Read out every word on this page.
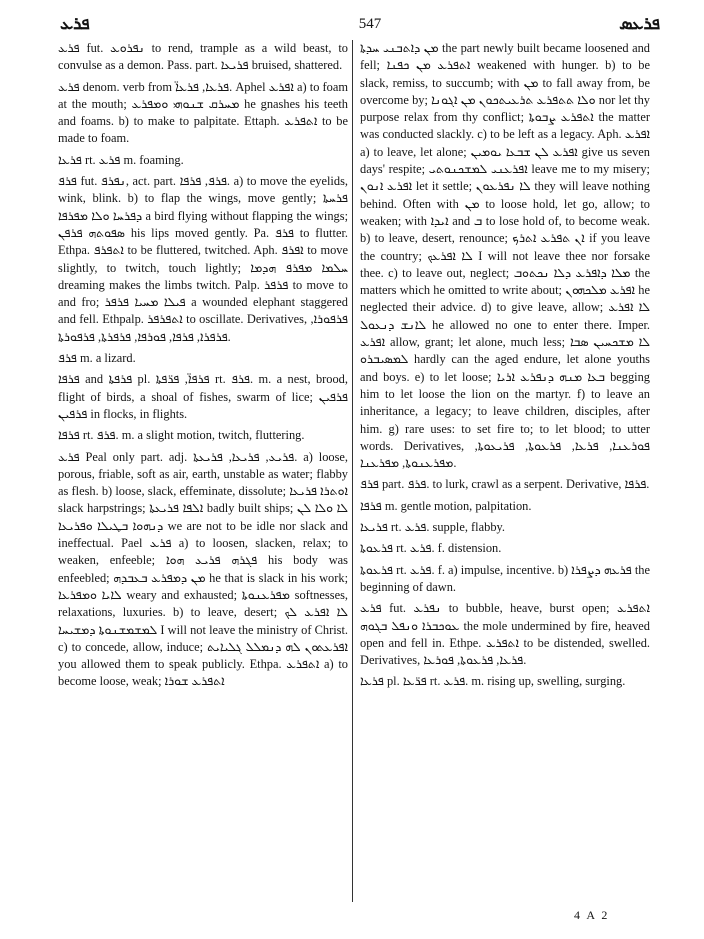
ܦܪܥ	547	ܦܪܥܣ

ܦܪܥ fut. ܢܦܪܘܥ to rend, trample as a wild beast, to convulse as a demon. Pass. part. ܦܪܝܥܐ bruised, shattered.

ܦܪܥ denom. verb from ܦܪܥܐ, ܦܪܥܐ̈. Aphel ܐܦܪܥ a) to foam at the mouth; ܡܚܪܩ ܫܢܘܗܝ ܘܡܦܪܥ he gnashes his teeth and foams. b) to make to palpitate. Ettaph. ܐܬܦܪܥ to be made to foam.

ܦܪܥܐ rt. ܦܪܥ m. foaming.

ܦܪܦ fut. ܢܦܪܦ, act. part. ܦܪܦ, ܦܪܦܐ. a) to move the eyelids, wink, blink. b) to flap the wings, move gently; ܦܪܚܬܐ ܕܦܪܚܐ ܘܠܐ ܡܦܪܦܐ a bird flying without flapping the wings; ܣܦܘܬܗ ܦܪܦܢ his lips moved gently. Pa. ܦܪܦ to flutter. Ethpa. ܐܬܦܪܦ to be fluttered, twitched. Aph. ܐܦܪܦ to move slightly, to twitch, touch lightly; ܚܠܡܐ ܡܦܪܦ ܗܕܡܐ dreaming makes the limbs twitch. Palp. ܦܪܦܪ to move to and fro; ܦܝܠܐ ܡܚܝܐ ܦܪܦܪ a wounded elephant staggered and fell. Ethpalp. ܐܬܦܪܦܪ to oscillate. Derivatives, ܦܪܦܘܪܐ, ܦܪܦܪܐ, ܦܪܦܐ, ܦܘܪܦܐ, ܦܪܦܪܬܐ, ܦܪܦܘܪܬܐ.

ܦܪܦ m. a lizard.

ܦܪܦܐ and ܦܪܦܬܐ pl. ܦܪܦܐ̈, ܦܪ̈ܦܬܐ rt. ܦܪܦ. m. a nest, brood, flight of birds, a shoal of fishes, swarm of lice; ܦܪܦܝܢ ܦܪܦܝܢ in flocks, in flights.

ܦܪܦܐ rt. ܦܪܦ. m. a slight motion, twitch, fluttering.

ܦܪܥ Peal only part. adj. ܦܪܝܥ, ܦܪܝܥܐ, ܦܪܝܥܬܐ. a) loose, porous, friable, soft as air, earth, unstable as water; flabby as flesh. b) loose, slack, effeminate, dissolute; ܐܘܬܪܐ ܦܪܝܥܐ slack harpstrings; ܐܠܦܐ ܦܪܝܥܬܐ badly built ships; ܠܐ ܘܠܐ ܠܢ ܕܢܗܘܐ ܒܛܝܠܐ ܘܦܪܝܥܐ we are not to be idle nor slack and ineffectual. Pael ܦܪܥ a) to loosen, slacken, relax; to weaken, enfeeble; ܦܓܪܗ ܦܪܝܥ ܗܘܐ his body was enfeebled; ܡܢ ܕܡܦܪܥ ܒܥܒܕܗ he that is slack in his work; ܠܐܝܐ ܘܡܦܪܥܐ weary and exhausted; ܡܦܪܥܢܘܬܐ softnesses, relaxations, luxuries. b) to leave, desert; ܠܐ ܐܦܪܥ ܠܟ ܠܡܫܡܫܢܘܬܐ ܕܡܫܝܚܐ I will not leave the ministry of Christ. c) to concede, allow, induce; ܐܦܪܥܬܘܢ ܠܗ ܕܢܡܠܠ ܓܠܝܐܝܬ you allowed them to speak publicly. Ethpa. ܐܬܦܪܥ a) to become loose, weak; ܐܬܦܪܥ ܫܘܪܐ

ܡܢ ܕܐܬܒܢܝ ܚܕܬܐ the part newly built became loosened and fell; ܐܬܦܪܥ ܡܢ ܟܦܢܐ weakened with hunger. b) to be slack, remiss, to succumb; with ܡܢ to fall away from, be overcome by; ܘܠܐ ܬܬܦܪܥ ܬܪܥܝܬܟܘܢ ܡܢ ܐܓܘܢܐ nor let thy purpose relax from thy conflict; ܐܬܦܪܥ ܨܒܘܬܐ the matter was conducted slackly. c) to be left as a legacy. Aph. ܐܦܪܥ a) to leave, let alone; ܐܦܪܥ ܠܢ ܫܒܥܐ ܝܘܡܝܢ give us seven days' respite; ܐܦܪܥܢܝ ܠܡܫܟܢܘܬܝ leave me to my misery; ܐܦܪܥ ܐܢܘܢ let it settle; ܠܐ ܢܦܪܥܘܢ they will leave nothing behind. Often with ܡܢ to loose hold, let go, allow; to weaken; with ܐܝܕܐ and ܒ to lose hold of, to become weak. b) to leave, desert, renounce; ܐܢ ܬܦܪܥ ܐܬܪܟ if you leave the country; ܠܐ ܐܦܪܥܟ I will not leave thee nor forsake thee. c) to leave out, neglect; ܡܠܐ ܕܐܦܪܥ ܕܠܐ ܢܟܬܘܒ the matters which he omitted to write about; ܐܦܪܥ ܡܠܟܗܘܢ he neglected their advice. d) to give leave, allow; ܠܐ ܐܦܪܥ ܠܐܢܫ ܕܢܥܘܠ he allowed no one to enter there. Imper. ܐܦܪܥ allow, grant; let alone, much less; ܠܐ ܡܫܟܚܝܢ ܣܒܐ ܠܡܣܝܒܪܘ hardly can the aged endure, let alone youths and boys. e) to let loose; ܒܥܐ ܡܢܗ ܕܢܦܪܥ ܐܪܝܐ begging him to let loose the lion on the martyr. f) to leave an inheritance, a legacy; to leave children, disciples, after him. g) rare uses: to set fire to; to let blood; to utter words. Derivatives, ܦܘܪܥܢܐ, ܦܪܥܐ, ܦܪܥܘܬܐ, ܦܪܝܥܘܬܐ, ܡܦܪܥܢܘܬܐ, ܡܦܪܥܢܐ.

ܦܪܦ part. ܦܪܦ. to lurk, crawl as a serpent. Derivative, ܦܪܦܐ.

ܦܪܦܐ m. gentle motion, palpitation.

ܦܪܝܥܐ rt. ܦܪܥ. supple, flabby.

ܦܪܥܘܬܐ rt. ܦܪܥ. f. distension.

ܦܪܥܘܬܐ rt. ܦܪܥ. f. a) impulse, incentive. b) ܦܪܥܗ ܕܨܦܪܐ the beginning of dawn.

ܦܪܥ fut. ܢܦܪܥ to bubble, heave, burst open; ܐܬܦܪܥ ܥܘܟܒܪܐ ܘܢܦܠ ܒܓܘܗ the mole undermined by fire, heaved open and fell in. Ethpe. ܐܬܦܪܥ to be distended, swelled. Derivatives, ܦܪܥܐ, ܦܪܥܘܬܐ, ܦܘܪܥܐ.

ܦܪܥܐ pl. ܦܪ̈ܥܐ rt. ܦܪܥ. m. rising up, swelling, surging.

4 A 2
